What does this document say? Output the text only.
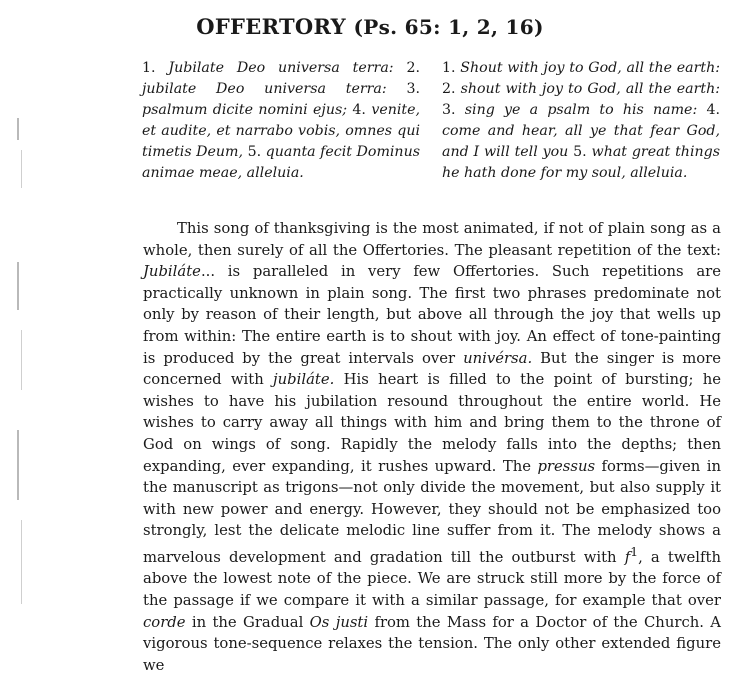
OFFERTORY (Ps. 65: 1, 2, 16)
1. Jubilate Deo universa terra: 2. jubilate Deo universa terra: 3. psalmum dicite nomini ejus; 4. venite, et audite, et narrabo vobis, omnes qui timetis Deum, 5. quanta fecit Dominus animae meae, alleluia.
1. Shout with joy to God, all the earth: 2. shout with joy to God, all the earth: 3. sing ye a psalm to his name: 4. come and hear, all ye that fear God, and I will tell you 5. what great things he hath done for my soul, alleluia.

This song of thanksgiving is the most animated, if not of plain song as a whole, then surely of all the Offertories. The pleasant repetition of the text: Jubiláte... is paralleled in very few Offertories. Such repetitions are practically unknown in plain song. The first two phrases predominate not only by reason of their length, but above all through the joy that wells up from within: The entire earth is to shout with joy. An effect of tone-painting is produced by the great intervals over univérsa. But the singer is more concerned with jubiláte. His heart is filled to the point of bursting; he wishes to have his jubilation resound throughout the entire world. He wishes to carry away all things with him and bring them to the throne of God on wings of song. Rapidly the melody falls into the depths; then expanding, ever expanding, it rushes upward. The pressus forms—given in the manuscript as trigons—not only divide the movement, but also supply it with new power and energy. However, they should not be emphasized too strongly, lest the delicate melodic line suffer from it. The melody shows a marvelous development and gradation till the outburst with $f^1$, a twelfth above the lowest note of the piece. We are struck still more by the force of the passage if we compare it with a similar passage, for example that over corde in the Gradual Os justi from the Mass for a Doctor of the Church. A vigorous tone-sequence relaxes the tension. The only other extended figure we
